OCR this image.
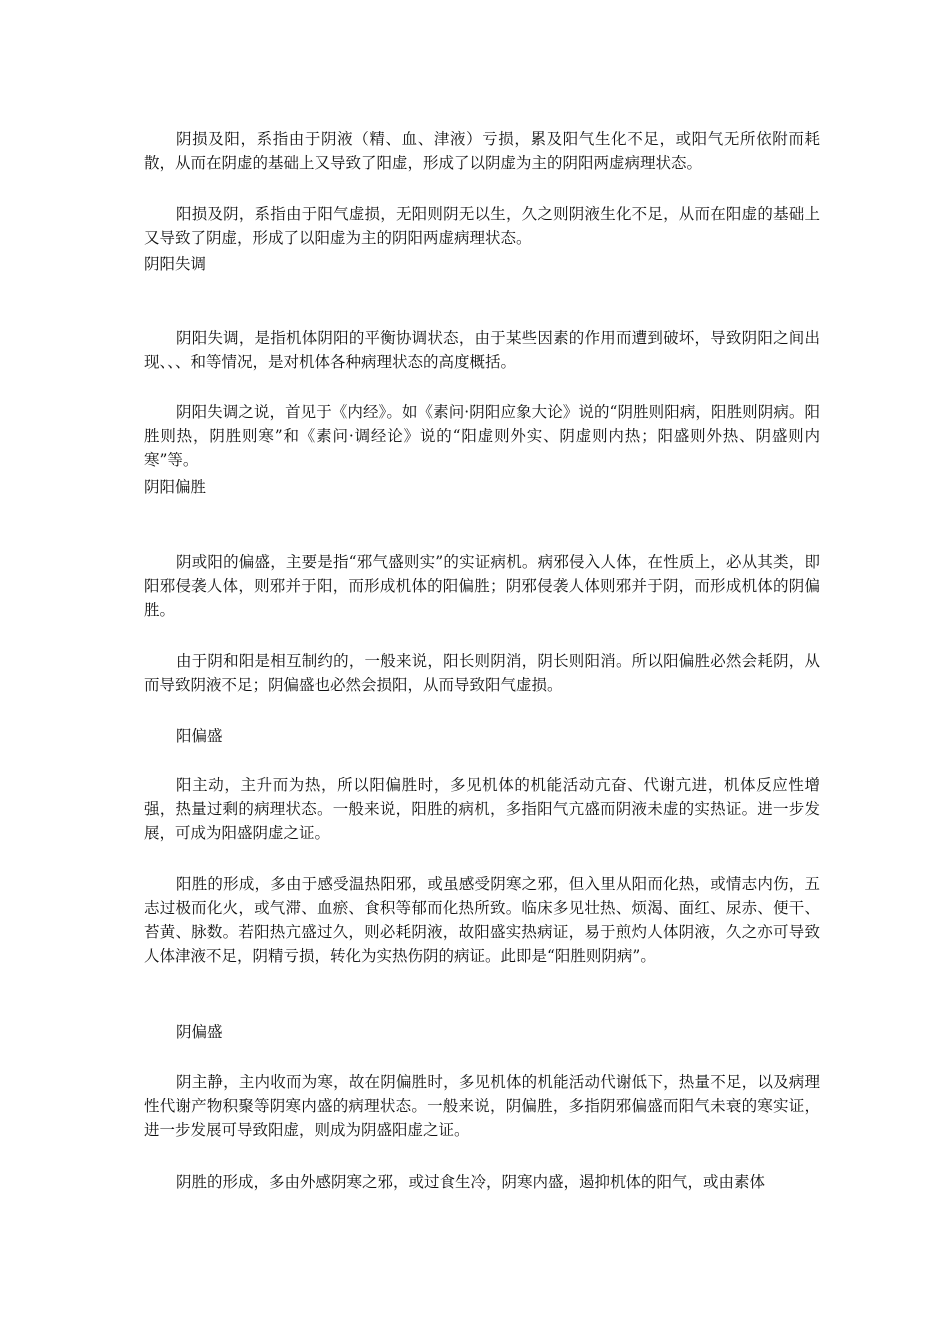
阴损及阳，系指由于阴液（精、血、津液）亏损，累及阳气生化不足，或阳气无所依附而耗散，从而在阴虚的基础上又导致了阳虚，形成了以阴虚为主的阴阳两虚病理状态。

阳损及阴，系指由于阳气虚损，无阳则阴无以生，久之则阴液生化不足，从而在阳虚的基础上又导致了阴虚，形成了以阳虚为主的阴阳两虚病理状态。

阴阳失调

阴阳失调，是指机体阴阳的平衡协调状态，由于某些因素的作用而遭到破坏，导致阴阳之间出现、、、和等情况，是对机体各种病理状态的高度概括。

阴阳失调之说，首见于《内经》。如《素问·阴阳应象大论》说的“阴胜则阳病，阳胜则阴病。阳胜则热，阴胜则寒”和《素问·调经论》说的“阳虚则外实、阴虚则内热；阳盛则外热、阴盛则内寒”等。

阴阳偏胜

阴或阳的偏盛，主要是指“邪气盛则实”的实证病机。病邪侵入人体，在性质上，必从其类，即阳邪侵袭人体，则邪并于阳，而形成机体的阳偏胜；阴邪侵袭人体则邪并于阴，而形成机体的阴偏胜。

由于阴和阳是相互制约的，一般来说，阳长则阴消，阴长则阳消。所以阳偏胜必然会耗阴，从而导致阴液不足；阴偏盛也必然会损阳，从而导致阳气虚损。

阳偏盛

阳主动，主升而为热，所以阳偏胜时，多见机体的机能活动亢奋、代谢亢进，机体反应性增强，热量过剩的病理状态。一般来说，阳胜的病机，多指阳气亢盛而阴液未虚的实热证。进一步发展，可成为阳盛阴虚之证。

阳胜的形成，多由于感受温热阳邪，或虽感受阴寒之邪，但入里从阳而化热，或情志内伤，五志过极而化火，或气滞、血瘀、食积等郁而化热所致。临床多见壮热、烦渴、面红、尿赤、便干、苔黄、脉数。若阳热亢盛过久，则必耗阴液，故阳盛实热病证，易于煎灼人体阴液，久之亦可导致人体津液不足，阴精亏损，转化为实热伤阴的病证。此即是“阳胜则阴病”。

阴偏盛

阴主静，主内收而为寒，故在阴偏胜时，多见机体的机能活动代谢低下，热量不足，以及病理性代谢产物积聚等阴寒内盛的病理状态。一般来说，阴偏胜，多指阴邪偏盛而阳气未衰的寒实证，进一步发展可导致阳虚，则成为阴盛阳虚之证。

阴胜的形成，多由外感阴寒之邪，或过食生冷，阴寒内盛，遏抑机体的阳气，或由素体
